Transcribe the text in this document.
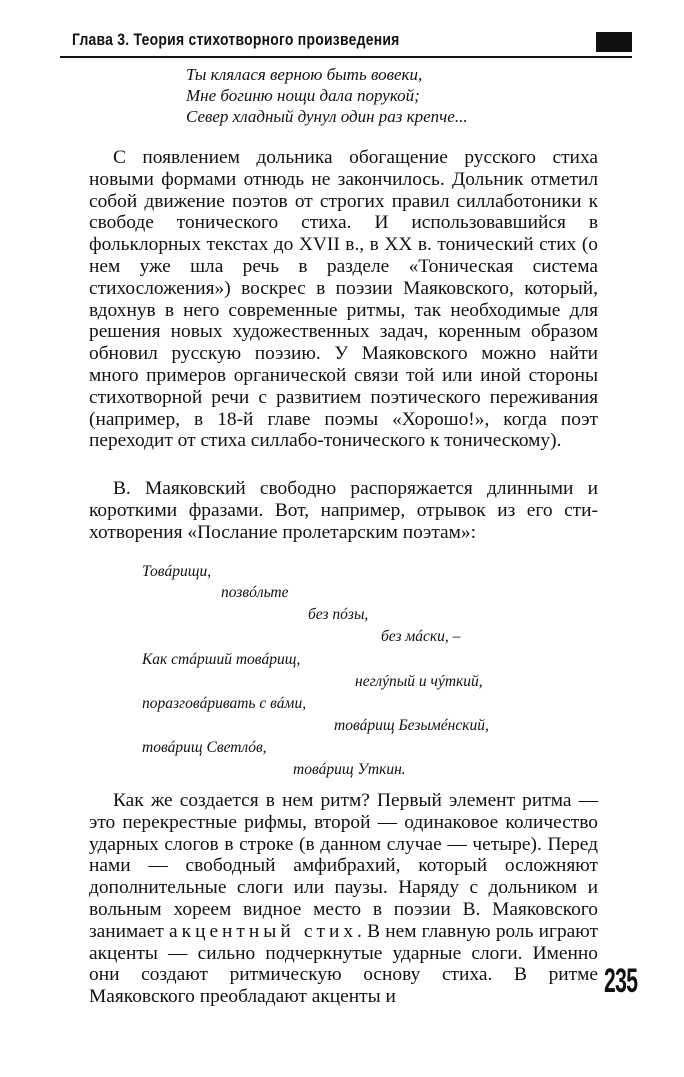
Глава 3. Теория стихотворного произведения
Ты клялася верною быть вовеки,
Мне богиню нощи дала порукой;
Север хладный дунул один раз крепче...

С появлением дольника обогащение русского стиха новыми формами отнюдь не закончилось. Дольник отметил собой движение поэтов от строгих правил силлаботоники к свободе тонического стиха. И использовавшийся в фольклорных текстах до XVII в., в XX в. тонический стих (о нем уже шла речь в разделе «Тоническая система стихосложения») воскрес в поэзии Маяковского, который, вдохнув в него современные ритмы, так необходимые для решения новых художественных задач, коренным образом обновил русскую поэзию. У Маяковского можно найти много примеров органической связи той или иной стороны стихотворной речи с развитием поэтического переживания (например, в 18-й главе поэмы «Хорошо!», когда поэт переходит от стиха силлабо-тонического к тоническому).

В. Маяковский свободно распоряжается длинными и короткими фразами. Вот, например, отрывок из его стихотворения «Послание пролетарским поэтам»:

Товáрищи,
позвóльте
без пóзы,
без мáски, –
Как стáрший товáрищ,
неглýпый и чýткий,
поразговáривать с вáми,
товáрищ Безымéнский,
товáрищ Светлóв,
товáрищ Уткин.

Как же создается в нем ритм? Первый элемент ритма — это перекрестные рифмы, второй — одинаковое количество ударных слогов в строке (в данном случае — четыре). Перед нами — свободный амфибрахий, который осложняют дополнительные слоги или паузы. Наряду с дольником и вольным хореем видное место в поэзии В. Маяковского занимает акцентный стих. В нем главную роль играют акценты — сильно подчеркнутые ударные слоги. Именно они создают ритмическую основу стиха. В ритме Маяковского преобладают акценты и	235
